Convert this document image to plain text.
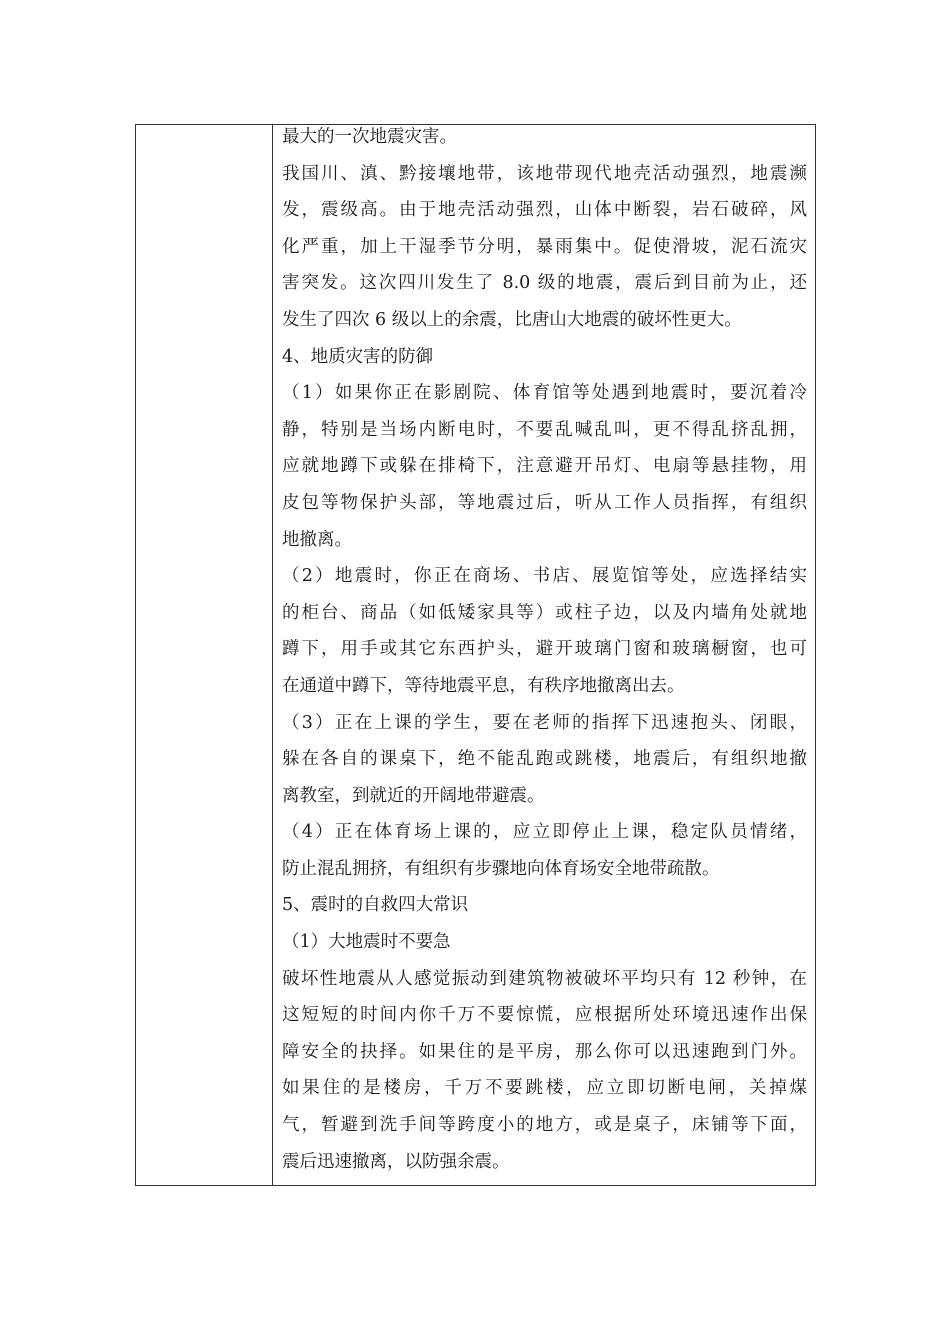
最大的一次地震灾害。
我国川、滇、黔接壤地带，该地带现代地壳活动强烈，地震濒
发，震级高。由于地壳活动强烈，山体中断裂，岩石破碎，风
化严重，加上干湿季节分明，暴雨集中。促使滑坡，泥石流灾
害突发。这次四川发生了 8.0 级的地震，震后到目前为止，还
发生了四次 6 级以上的余震，比唐山大地震的破坏性更大。
4、地质灾害的防御
（1）如果你正在影剧院、体育馆等处遇到地震时，要沉着冷
静，特别是当场内断电时，不要乱喊乱叫，更不得乱挤乱拥，
应就地蹲下或躲在排椅下，注意避开吊灯、电扇等悬挂物，用
皮包等物保护头部，等地震过后，听从工作人员指挥，有组织
地撤离。
（2）地震时，你正在商场、书店、展览馆等处，应选择结实
的柜台、商品（如低矮家具等）或柱子边，以及内墙角处就地
蹲下，用手或其它东西护头，避开玻璃门窗和玻璃橱窗，也可
在通道中蹲下，等待地震平息，有秩序地撤离出去。
（3）正在上课的学生，要在老师的指挥下迅速抱头、闭眼，
躲在各自的课桌下，绝不能乱跑或跳楼，地震后，有组织地撤
离教室，到就近的开阔地带避震。
（4）正在体育场上课的，应立即停止上课，稳定队员情绪，
防止混乱拥挤，有组织有步骤地向体育场安全地带疏散。
5、震时的自救四大常识
（1）大地震时不要急
破坏性地震从人感觉振动到建筑物被破坏平均只有 12 秒钟，在
这短短的时间内你千万不要惊慌，应根据所处环境迅速作出保
障安全的抉择。如果住的是平房，那么你可以迅速跑到门外。
如果住的是楼房，千万不要跳楼，应立即切断电闸，关掉煤
气，暂避到洗手间等跨度小的地方，或是桌子，床铺等下面，
震后迅速撤离，以防强余震。
